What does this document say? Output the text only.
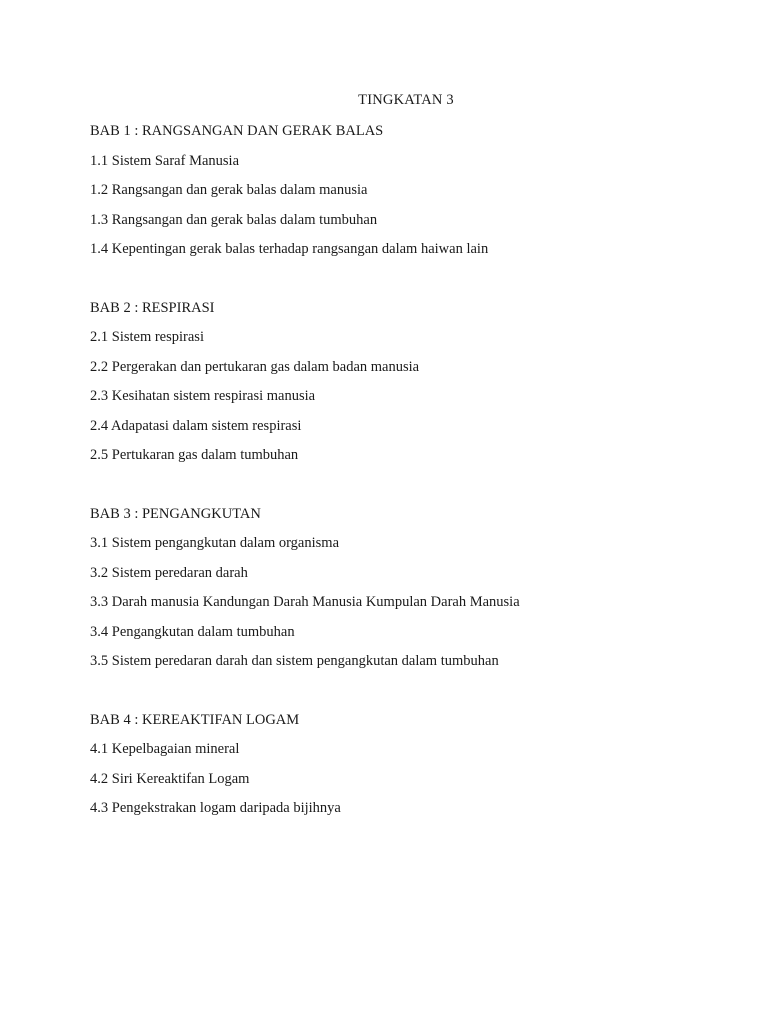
TINGKATAN 3
BAB 1 : RANGSANGAN DAN GERAK BALAS
1.1 Sistem Saraf Manusia
1.2 Rangsangan dan gerak balas dalam manusia
1.3 Rangsangan dan gerak balas dalam tumbuhan
1.4 Kepentingan gerak balas terhadap rangsangan dalam haiwan lain
BAB 2 : RESPIRASI
2.1 Sistem respirasi
2.2 Pergerakan dan pertukaran gas dalam badan manusia
2.3 Kesihatan sistem respirasi manusia
2.4 Adapatasi dalam sistem respirasi
2.5 Pertukaran gas dalam tumbuhan
BAB 3 : PENGANGKUTAN
3.1 Sistem pengangkutan dalam organisma
3.2 Sistem peredaran darah
3.3 Darah manusia Kandungan Darah Manusia Kumpulan Darah Manusia
3.4 Pengangkutan dalam tumbuhan
3.5 Sistem peredaran darah dan sistem pengangkutan dalam tumbuhan
BAB 4 : KEREAKTIFAN LOGAM
4.1 Kepelbagaian mineral
4.2 Siri Kereaktifan Logam
4.3 Pengekstrakan logam daripada bijihnya
